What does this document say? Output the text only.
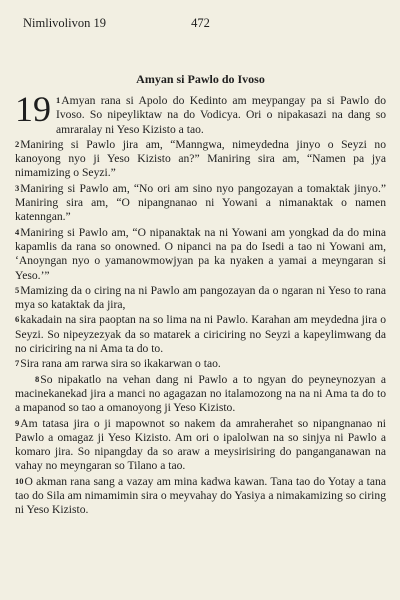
Nimlivolivon 19	472
Amyan si Pawlo do Ivoso

19 1Amyan rana si Apolo do Kedinto am meypangay pa si Pawlo do Ivoso. So nipeyliktaw na do Vodicya. Ori o nipakasazi na dang so amraralay ni Yeso Kizisto a tao.

2Maniring si Pawlo jira am, “Manngwa, nimeydedna jinyo o Seyzi no kanoyong nyo ji Yeso Kizisto an?” Maniring sira am, “Namen pa jya nimamizing o Seyzi.”

3Maniring si Pawlo am, “No ori am sino nyo pangozayan a tomaktak jinyo.” Maniring sira am, “O nipangnanao ni Yowani a nimanaktak o namen katenngan.”

4Maniring si Pawlo am, “O nipanaktak na ni Yowani am yongkad da do mina kapamlis da rana so onowned. O nipanci na pa do Isedi a tao ni Yowani am, ‘Anoyngan nyo o yamanowmowjyan pa ka nyaken a yamai a meyngaran si Yeso.’”

5Mamizing da o ciring na ni Pawlo am pangozayan da o ngaran ni Yeso to rana mya so kataktak da jira,

6kakadain na sira paoptan na so lima na ni Pawlo. Karahan am meydedna jira o Seyzi. So nipeyzezyak da so matarek a ciriciring no Seyzi a kapeylimwang da no ciriciring na ni Ama ta do to.

7Sira rana am rarwa sira so ikakarwan o tao.

8So nipakatlo na vehan dang ni Pawlo a to ngyan do peyneynozyan a macinekanekad jira a manci no agagazan no italamozong na na ni Ama ta do to a mapanod so tao a omanoyong ji Yeso Kizisto.

9Am tatasa jira o ji mapownot so nakem da amraherahet so nipangnanao ni Pawlo a omagaz ji Yeso Kizisto. Am ori o ipalolwan na so sinjya ni Pawlo a komaro jira. So nipangday da so araw a meysirisiring do panganganawan na vahay no meyngaran so Tilano a tao.

10O akman rana sang a vazay am mina kadwa kawan. Tana tao do Yotay a tana tao do Sila am nimamimin sira o meyvahay do Yasiya a nimakamizing so ciring ni Yeso Kizisto.
